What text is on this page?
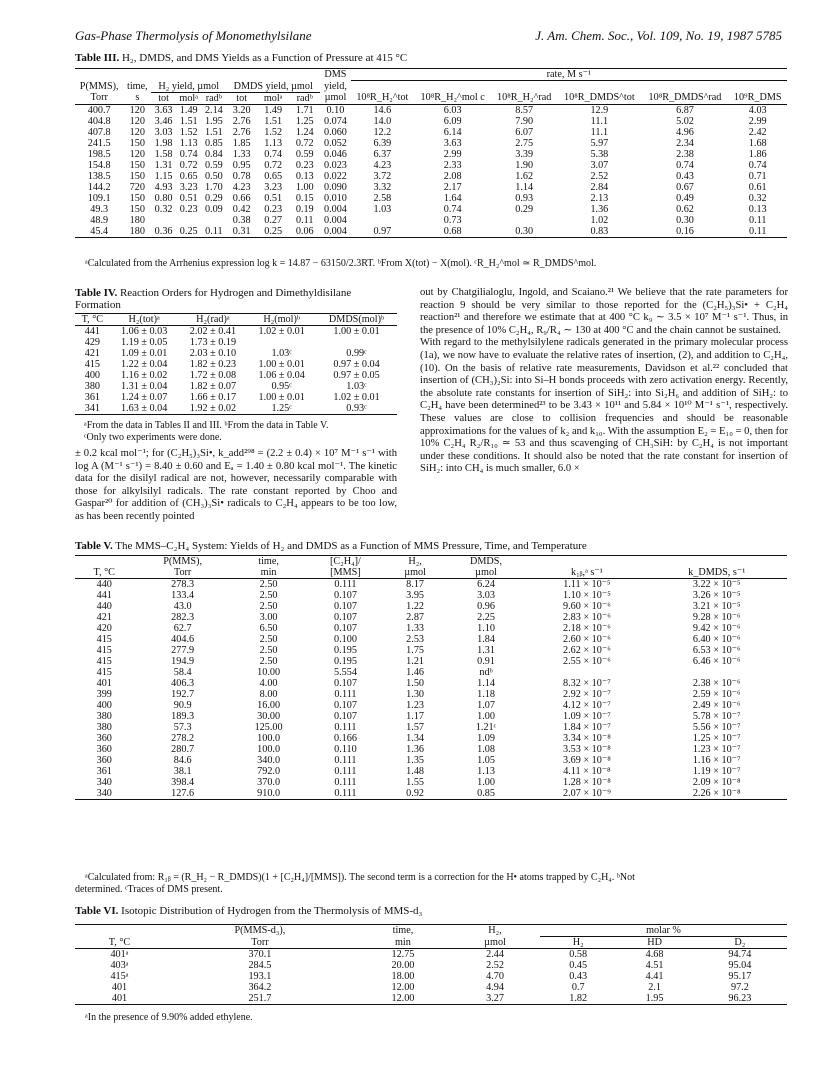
Gas-Phase Thermolysis of Monomethylsilane	J. Am. Chem. Soc., Vol. 109, No. 19, 1987 5785
Table III. H₂, DMDS, and DMS Yields as a Function of Pressure at 415 °C
								DMS	rate, M s⁻¹					
P(MMS),	time,	H₂ yield, µmol			DMDS yield, µmol			yield,						
Torr	s	tot	molᵃ	radᵇ	tot	molᵃ	radᵇ	µmol	10⁸R_H₂^tot	10⁸R_H₂^mol c	10⁸R_H₂^rad	10⁸R_DMDS^tot	10⁸R_DMDS^rad	10⁹R_DMS
400.7	120	3.63	1.49	2.14	3.20	1.49	1.71	0.10	14.6	6.03	8.57	12.9	6.87	4.03
404.8	120	3.46	1.51	1.95	2.76	1.51	1.25	0.074	14.0	6.09	7.90	11.1	5.02	2.99
407.8	120	3.03	1.52	1.51	2.76	1.52	1.24	0.060	12.2	6.14	6.07	11.1	4.96	2.42
241.5	150	1.98	1.13	0.85	1.85	1.13	0.72	0.052	6.39	3.63	2.75	5.97	2.34	1.68
198.5	120	1.58	0.74	0.84	1.33	0.74	0.59	0.046	6.37	2.99	3.39	5.38	2.38	1.86
154.8	150	1.31	0.72	0.59	0.95	0.72	0.23	0.023	4.23	2.33	1.90	3.07	0.74	0.74
138.5	150	1.15	0.65	0.50	0.78	0.65	0.13	0.022	3.72	2.08	1.62	2.52	0.43	0.71
144.2	720	4.93	3.23	1.70	4.23	3.23	1.00	0.090	3.32	2.17	1.14	2.84	0.67	0.61
109.1	150	0.80	0.51	0.29	0.66	0.51	0.15	0.010	2.58	1.64	0.93	2.13	0.49	0.32
49.3	150	0.32	0.23	0.09	0.42	0.23	0.19	0.004	1.03	0.74	0.29	1.36	0.62	0.13
48.9	180				0.38	0.27	0.11	0.004		0.73		1.02	0.30	0.11
45.4	180	0.36	0.25	0.11	0.31	0.25	0.06	0.004	0.97	0.68	0.30	0.83	0.16	0.11
ᵃCalculated from the Arrhenius expression log k = 14.87 − 63150/2.3RT. ᵇFrom X(tot) − X(mol). ᶜR_H₂^mol ≃ R_DMDS^mol.
Table IV. Reaction Orders for Hydrogen and Dimethyldisilane Formation
T, °C	H₂(tot)ᵃ	H₂(rad)ᵃ	H₂(mol)ᵇ	DMDS(mol)ᵇ
441	1.06 ± 0.03	2.02 ± 0.41	1.02 ± 0.01	1.00 ± 0.01
429	1.19 ± 0.05	1.73 ± 0.19		
421	1.09 ± 0.01	2.03 ± 0.10	1.03ᶜ	0.99ᶜ
415	1.22 ± 0.04	1.82 ± 0.23	1.00 ± 0.01	0.97 ± 0.04
400	1.16 ± 0.02	1.72 ± 0.08	1.06 ± 0.04	0.97 ± 0.05
380	1.31 ± 0.04	1.82 ± 0.07	0.95ᶜ	1.03ᶜ
361	1.24 ± 0.07	1.66 ± 0.17	1.00 ± 0.01	1.02 ± 0.01
341	1.63 ± 0.04	1.92 ± 0.02	1.25ᶜ	0.93ᶜ
ᵃFrom the data in Tables II and III. ᵇFrom the data in Table V.
ᶜOnly two experiments were done.
± 0.2 kcal mol⁻¹; for (C₂H₅)₃Si•, k_add²⁹⁸ = (2.2 ± 0.4) × 10⁷ M⁻¹ s⁻¹ with log A (M⁻¹ s⁻¹) = 8.40 ± 0.60 and Eₐ = 1.40 ± 0.80 kcal mol⁻¹. The kinetic data for the disilyl radical are not, however, necessarily comparable with those for alkylsilyl radicals. The rate constant reported by Choo and Gaspar²⁰ for addition of (CH₃)₃Si• radicals to C₂H₄ appears to be too low, as has been recently pointed
out by Chatgilialoglu, Ingold, and Scaiano.²¹ We believe that the rate parameters for reaction 9 should be very similar to those reported for the (C₂H₅)₃Si• + C₂H₄ reaction²¹ and therefore we estimate that at 400 °C k₉ ∼ 3.5 × 10⁷ M⁻¹ s⁻¹. Thus, in the presence of 10% C₂H₄, R₉/R₄ ∼ 130 at 400 °C and the chain cannot be sustained.
With regard to the methylsilylene radicals generated in the primary molecular process (1a), we now have to evaluate the relative rates of insertion, (2), and addition to C₂H₄, (10). On the basis of relative rate measurements, Davidson et al.²² concluded that insertion of (CH₃)₂Si: into Si–H bonds proceeds with zero activation energy. Recently, the absolute rate constants for insertion of SiH₂: into Si₂H₆ and addition of SiH₂: to C₂H₄ have been determined²³ to be 3.43 × 10¹¹ and 5.84 × 10¹⁰ M⁻¹ s⁻¹, respectively. These values are close to collision frequencies and should be reasonable approximations for the values of k₂ and k₁₀. With the assumption E₂ = E₁₀ = 0, then for 10% C₂H₄ R₂/R₁₀ ≃ 53 and thus scavenging of CH₃SiH: by C₂H₄ is not important under these conditions. It should also be noted that the rate constant for insertion of SiH₂: into CH₄ is much smaller, 6.0 ×
Table V. The MMS–C₂H₄ System: Yields of H₂ and DMDS as a Function of MMS Pressure, Time, and Temperature
	P(MMS),	time,	[C₂H₄]/	H₂,	DMDS,		
T, °C	Torr	min	[MMS]	µmol	µmol	k₁ᵦ,ᵃ s⁻¹	k_DMDS, s⁻¹
440	278.3	2.50	0.111	8.17	6.24	1.11 × 10⁻⁵	3.22 × 10⁻⁵
441	133.4	2.50	0.107	3.95	3.03	1.10 × 10⁻⁵	3.26 × 10⁻⁵
440	43.0	2.50	0.107	1.22	0.96	9.60 × 10⁻⁶	3.21 × 10⁻⁵
421	282.3	3.00	0.107	2.87	2.25	2.83 × 10⁻⁶	9.28 × 10⁻⁶
420	62.7	6.50	0.107	1.33	1.10	2.18 × 10⁻⁶	9.42 × 10⁻⁶
415	404.6	2.50	0.100	2.53	1.84	2.60 × 10⁻⁶	6.40 × 10⁻⁶
415	277.9	2.50	0.195	1.75	1.31	2.62 × 10⁻⁶	6.53 × 10⁻⁶
415	194.9	2.50	0.195	1.21	0.91	2.55 × 10⁻⁶	6.46 × 10⁻⁶
415	58.4	10.00	5.554	1.46	ndᵇ		
401	406.3	4.00	0.107	1.50	1.14	8.32 × 10⁻⁷	2.38 × 10⁻⁶
399	192.7	8.00	0.111	1.30	1.18	2.92 × 10⁻⁷	2.59 × 10⁻⁶
400	90.9	16.00	0.107	1.23	1.07	4.12 × 10⁻⁷	2.49 × 10⁻⁶
380	189.3	30.00	0.107	1.17	1.00	1.09 × 10⁻⁷	5.78 × 10⁻⁷
380	57.3	125.00	0.111	1.57	1.21ᶜ	1.84 × 10⁻⁷	5.56 × 10⁻⁷
360	278.2	100.0	0.166	1.34	1.09	3.34 × 10⁻⁸	1.25 × 10⁻⁷
360	280.7	100.0	0.110	1.36	1.08	3.53 × 10⁻⁸	1.23 × 10⁻⁷
360	84.6	340.0	0.111	1.35	1.05	3.69 × 10⁻⁸	1.16 × 10⁻⁷
361	38.1	792.0	0.111	1.48	1.13	4.11 × 10⁻⁸	1.19 × 10⁻⁷
340	398.4	370.0	0.111	1.55	1.00	1.28 × 10⁻⁸	2.09 × 10⁻⁸
340	127.6	910.0	0.111	0.92	0.85	2.07 × 10⁻⁹	2.26 × 10⁻⁸
ᵃCalculated from: R₁ᵦ = (R_H₂ − R_DMDS)(1 + [C₂H₄]/[MMS]). The second term is a correction for the H• atoms trapped by C₂H₄. ᵇNot
determined. ᶜTraces of DMS present.
Table VI. Isotopic Distribution of Hydrogen from the Thermolysis of MMS-d₃
	P(MMS-d₃),	time,	H₂,	molar %		
T, °C	Torr	min	µmol	H₂	HD	D₂
401ᵃ	370.1	12.75	2.44	0.58	4.68	94.74
403ᵃ	284.5	20.00	2.52	0.45	4.51	95.04
415ᵃ	193.1	18.00	4.70	0.43	4.41	95.17
401	364.2	12.00	4.94	0.7	2.1	97.2
401	251.7	12.00	3.27	1.82	1.95	96.23
ᵃIn the presence of 9.90% added ethylene.
